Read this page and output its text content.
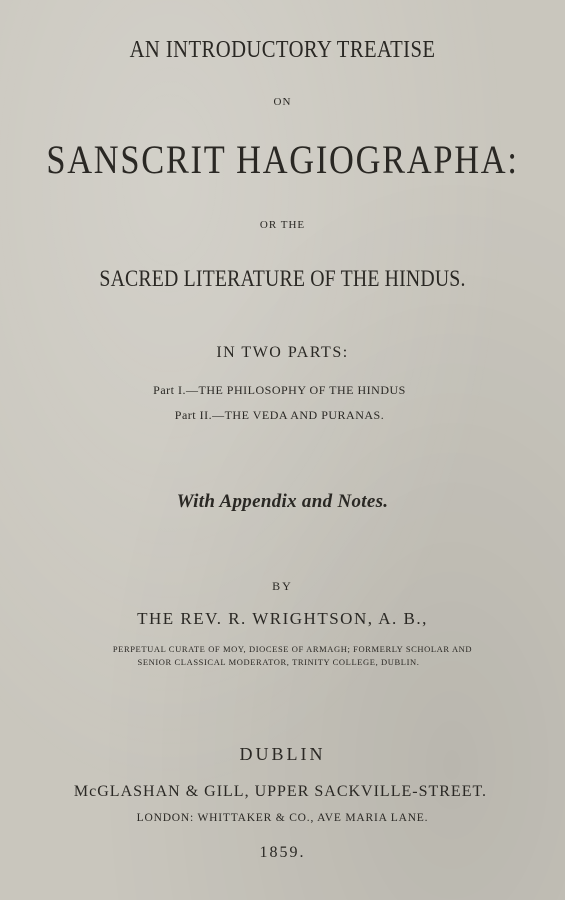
AN INTRODUCTORY TREATISE

ON

SANSCRIT HAGIOGRAPHA:

OR THE

SACRED LITERATURE OF THE HINDUS.

IN TWO PARTS:

Part I.—THE PHILOSOPHY OF THE HINDUS

Part II.—THE VEDA AND PURANAS.

With Appendix and Notes.

BY

THE REV. R. WRIGHTSON, A. B.,

PERPETUAL CURATE OF MOY, DIOCESE OF ARMAGH; FORMERLY SCHOLAR AND

SENIOR CLASSICAL MODERATOR, TRINITY COLLEGE, DUBLIN.

DUBLIN

McGLASHAN & GILL, UPPER SACKVILLE-STREET.

LONDON: WHITTAKER & CO., AVE MARIA LANE.

1859.
